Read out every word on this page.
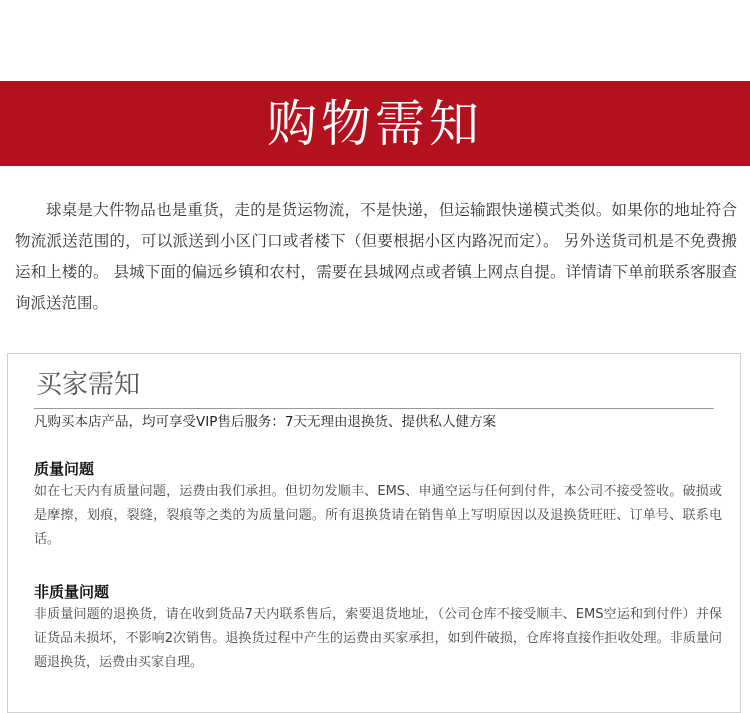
购物需知

球桌是大件物品也是重货，走的是货运物流，不是快递，但运输跟快递模式类似。如果你的地址符合物流派送范围的，可以派送到小区门口或者楼下（但要根据小区内路况而定）。 另外送货司机是不免费搬运和上楼的。 县城下面的偏远乡镇和农村，需要在县城网点或者镇上网点自提。详情请下单前联系客服查询派送范围。

买家需知

凡购买本店产品，均可享受VIP售后服务：7天无理由退换货、提供私人健方案

质量问题

如在七天内有质量问题，运费由我们承担。但切勿发顺丰、EMS、申通空运与任何到付件，本公司不接受签收。破损或是摩擦，划痕，裂缝，裂痕等之类的为质量问题。所有退换货请在销售单上写明原因以及退换货旺旺、订单号、联系电话。

非质量问题

非质量问题的退换货，请在收到货品7天内联系售后，索要退货地址，（公司仓库不接受顺丰、EMS空运和到付件）并保证货品未损坏，不影响2次销售。退换货过程中产生的运费由买家承担，如到件破损，仓库将直接作拒收处理。非质量问题退换货，运费由买家自理。
